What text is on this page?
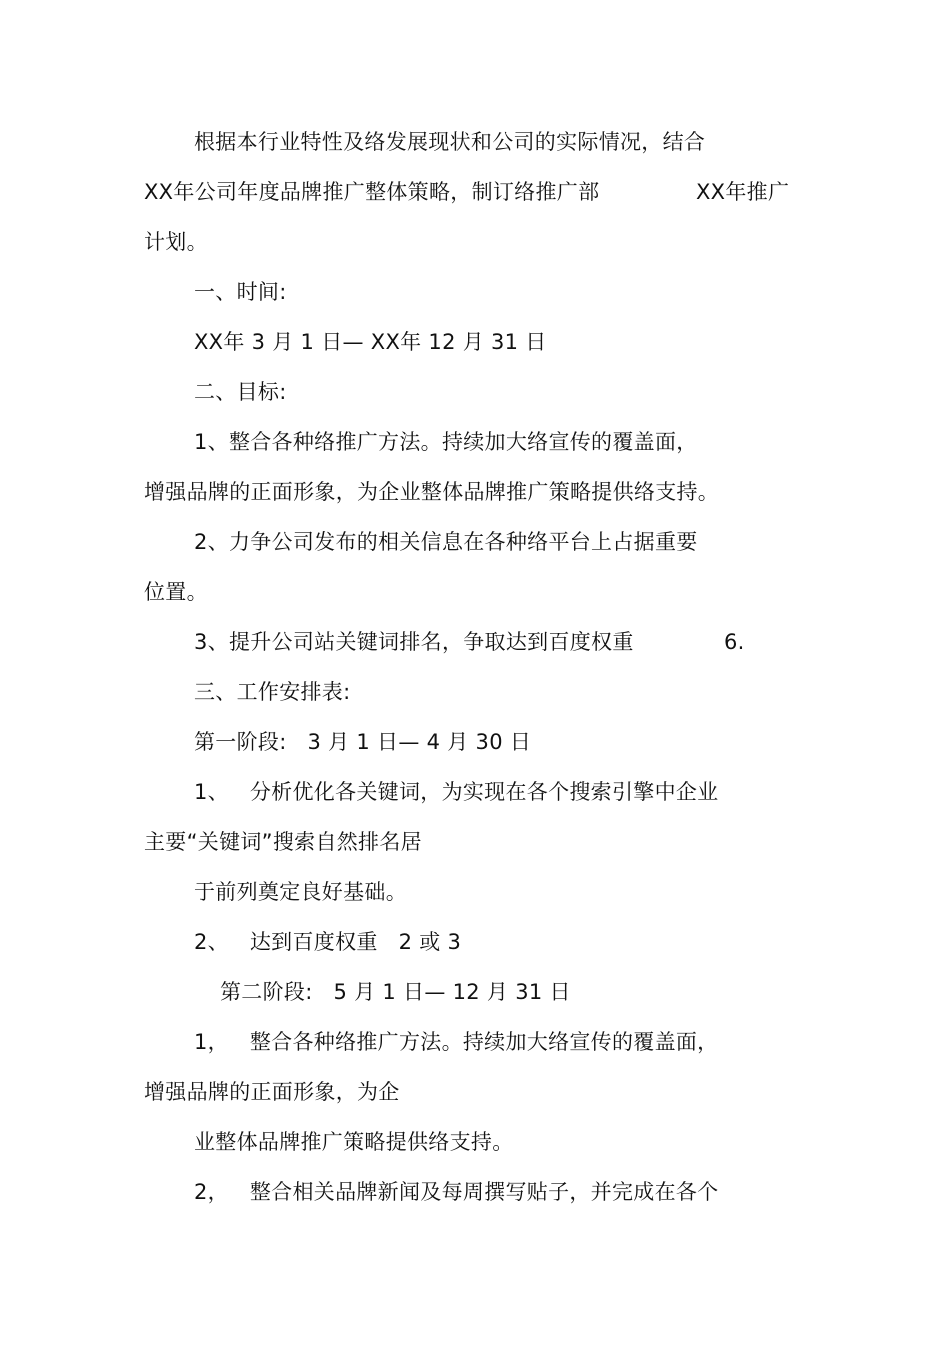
根据本行业特性及络发展现状和公司的实际情况，结合
XX年公司年度品牌推广整体策略，制订络推广部	XX年推广
计划。
一、时间:
XX年 3 月 1 日— XX年 12 月 31 日
二、目标:
1、整合各种络推广方法。持续加大络宣传的覆盖面，
增强品牌的正面形象，为企业整体品牌推广策略提供络支持。
2、力争公司发布的相关信息在各种络平台上占据重要
位置。
3、提升公司站关键词排名，争取达到百度权重	6.
三、工作安排表:
第一阶段:   3 月 1 日— 4 月 30 日
1、   分析优化各关键词，为实现在各个搜索引擎中企业
主要“关键词”搜索自然排名居
于前列奠定良好基础。
2、   达到百度权重   2 或 3
第二阶段:   5 月 1 日— 12 月 31 日
1，   整合各种络推广方法。持续加大络宣传的覆盖面，
增强品牌的正面形象，为企
业整体品牌推广策略提供络支持。
2，   整合相关品牌新闻及每周撰写贴子，并完成在各个
